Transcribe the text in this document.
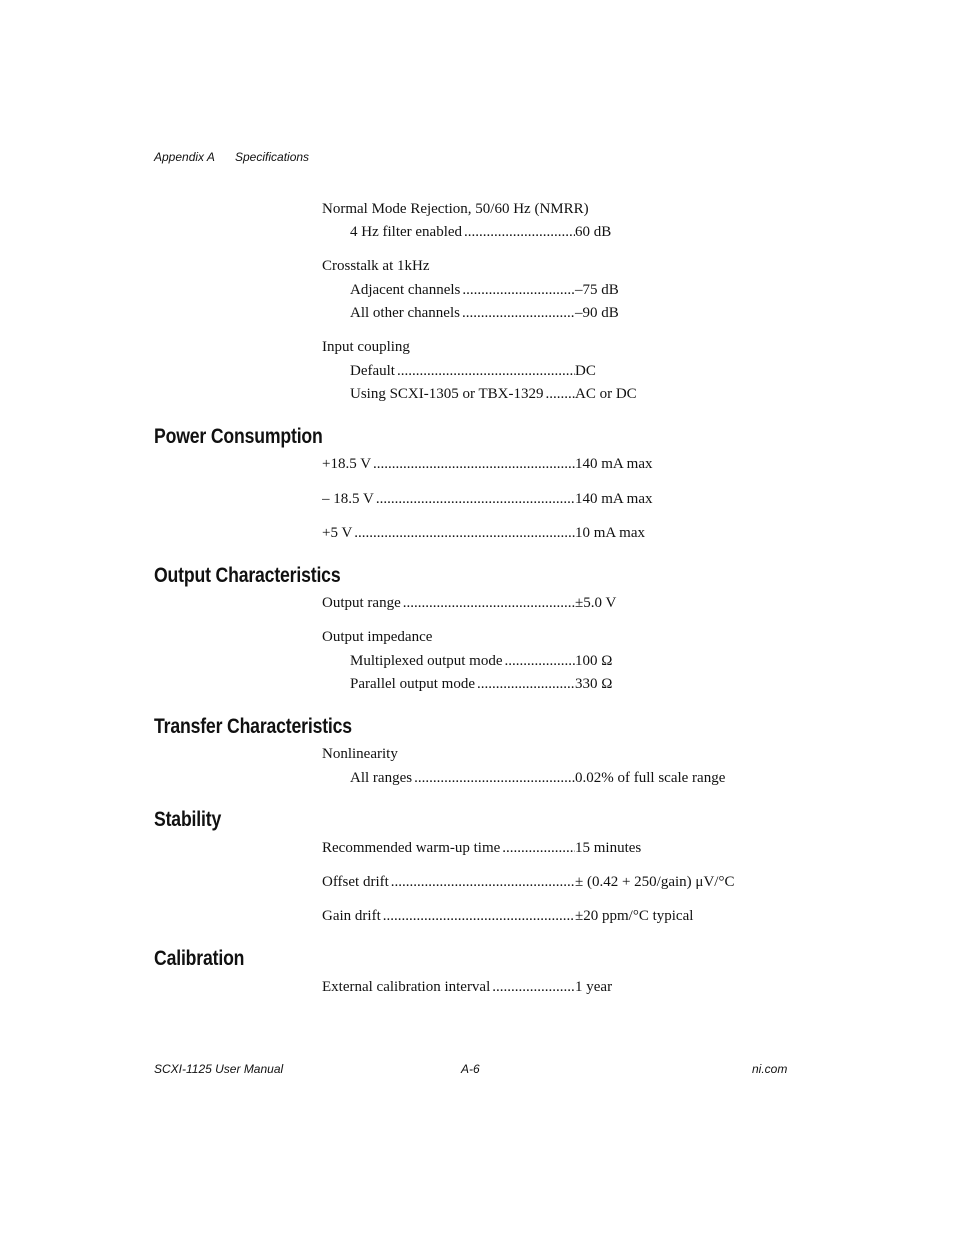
Appendix A Specifications
Normal Mode Rejection, 50/60 Hz (NMRR)
4 Hz filter enabled .....	60 dB
Crosstalk at 1kHz
Adjacent channels .....	–75 dB
All other channels .....	–90 dB
Input coupling
Default .....	DC
Using SCXI-1305 or TBX-1329 ..... AC or DC
Power Consumption
+18.5 V .....	140 mA max
– 18.5 V .....	140 mA max
+5 V .....	10 mA max
Output Characteristics
Output range .....	±5.0 V
Output impedance
Multiplexed output mode .....	100 Ω
Parallel output mode .....	330 Ω
Transfer Characteristics
Nonlinearity
All ranges .....	0.02% of full scale range
Stability
Recommended warm-up time .....	15 minutes
Offset drift .....	± (0.42 + 250/gain) μV/°C
Gain drift .....	±20 ppm/°C typical
Calibration
External calibration interval .....	1 year
SCXI-1125 User Manual	A-6	ni.com
